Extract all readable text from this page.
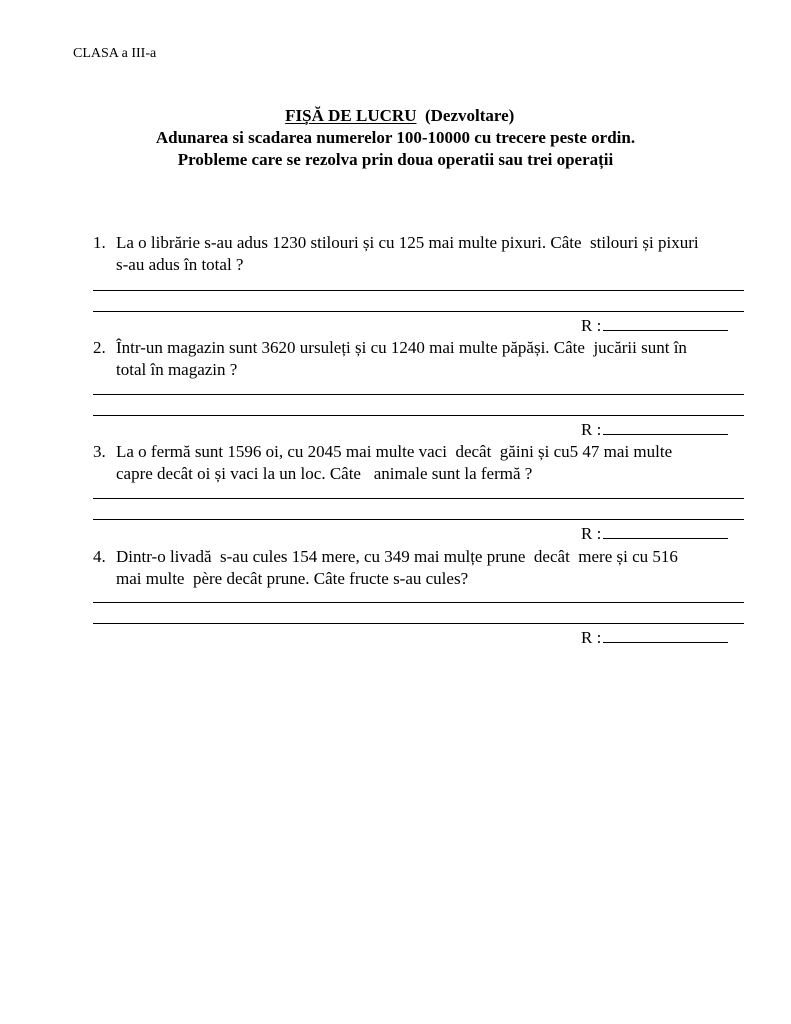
CLASA a III-a

FIȘĂ DE LUCRU (Dezvoltare)

Adunarea si scadarea numerelor 100-10000 cu trecere peste ordin.
Probleme care se rezolva prin doua operatii sau trei operații
1. La o librărie s-au adus 1230 stilouri și cu 125 mai multe pixuri. Câte  stilouri și pixuri
s-au adus în total ?
R :
2. Într-un magazin sunt 3620 ursuleți și cu 1240 mai multe păpăși. Câte  jucării sunt în
total în magazin ?
R :
3. La o fermă sunt 1596 oi, cu 2045 mai multe vaci  decât  găini și cu5 47 mai multe
capre decât oi și vaci la un loc. Câte   animale sunt la fermă ?
R :
4. Dintr-o livadă  s-au cules 154 mere, cu 349 mai mulțe prune  decât  mere și cu 516
mai multe  père decât prune. Câte fructe s-au cules?
R :
